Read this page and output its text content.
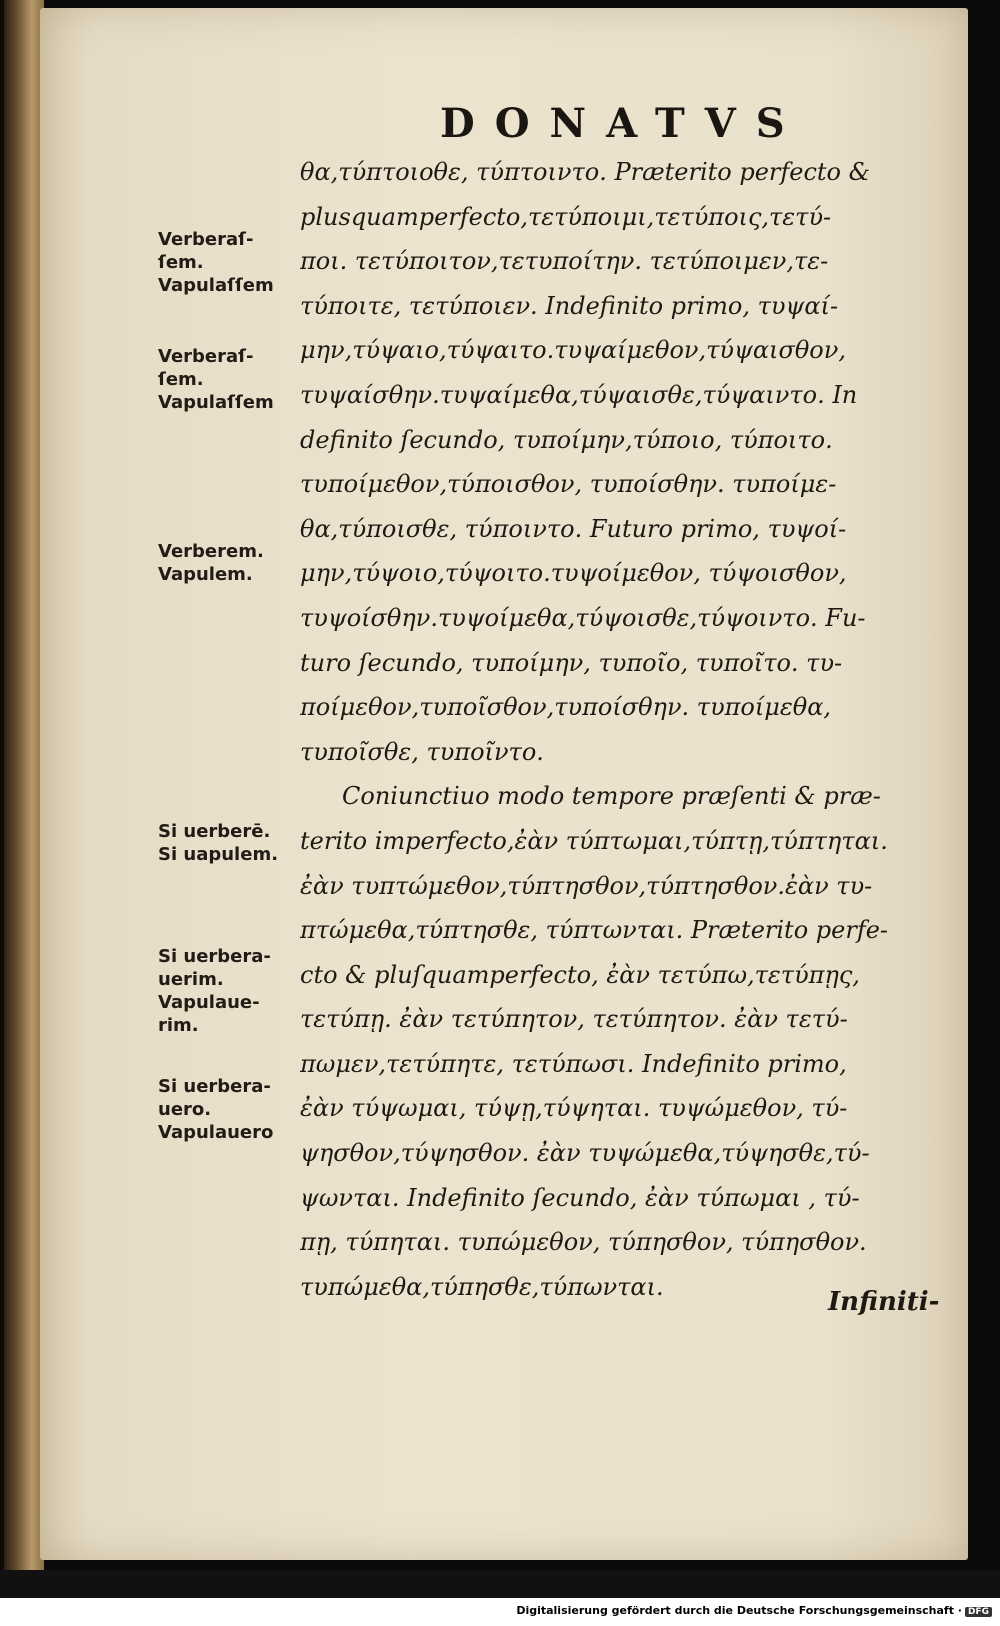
DONATVS
Verberaſ-
ſem.
Vapulaſſem
Verberaſ-
ſem.
Vapulaſſem
Verberem.
Vapulem.
Si uerberē.
Si uapulem.
Si uerbera-
uerim.
Vapulaue-
rim.
Si uerbera-
uero.
Vapulauero
θα,τύπτοιοθε, τύπτοιντο. Præterito perfecto &
plusquamperfecto,τετύποιμι,τετύποις,τετύ-
ποι. τετύποιτον,τετυποίτην. τετύποιμεν,τε-
τύποιτε, τετύποιεν. Indefinito primo, τυψαί-
μην,τύψαιο,τύψαιτο.τυψαίμεθον,τύψαισθον,
τυψαίσθην.τυψαίμεθα,τύψαισθε,τύψαιντο. In
definito ſecundo, τυποίμην,τύποιο, τύποιτο.
τυποίμεθον,τύποισθον, τυποίσθην. τυποίμε-
θα,τύποισθε, τύποιντο. Futuro primo, τυψοί-
μην,τύψοιο,τύψοιτο.τυψοίμεθον, τύψοισθον,
τυψοίσθην.τυψοίμεθα,τύψοισθε,τύψοιντο. Fu-
turo ſecundo, τυποίμην, τυποῖο, τυποῖτο. τυ-
ποίμεθον,τυποῖσθον,τυποίσθην. τυποίμεθα,
τυποῖσθε, τυποῖντο.
Coniunctiuo modo tempore præſenti & præ-
terito imperfecto,ἐὰν τύπτωμαι,τύπτῃ,τύπτηται.
ἐὰν τυπτώμεθον,τύπτησθον,τύπτησθον.ἐὰν τυ-
πτώμεθα,τύπτησθε, τύπτωνται. Præterito perfe-
cto & pluſquamperfecto, ἐὰν τετύπω,τετύπῃς,
τετύπῃ. ἐὰν τετύπητον, τετύπητον. ἐὰν τετύ-
πωμεν,τετύπητε, τετύπωσι. Indefinito primo,
ἐὰν τύψωμαι, τύψῃ,τύψηται. τυψώμεθον, τύ-
ψησθον,τύψησθον. ἐὰν τυψώμεθα,τύψησθε,τύ-
ψωνται. Indefinito ſecundo, ἐὰν τύπωμαι , τύ-
πῃ, τύπηται. τυπώμεθον, τύπησθον, τύπησθον.
τυπώμεθα,τύπησθε,τύπωνται.
Infiniti-
Digitalisierung gefördert durch die Deutsche Forschungsgemeinschaft · DFG
